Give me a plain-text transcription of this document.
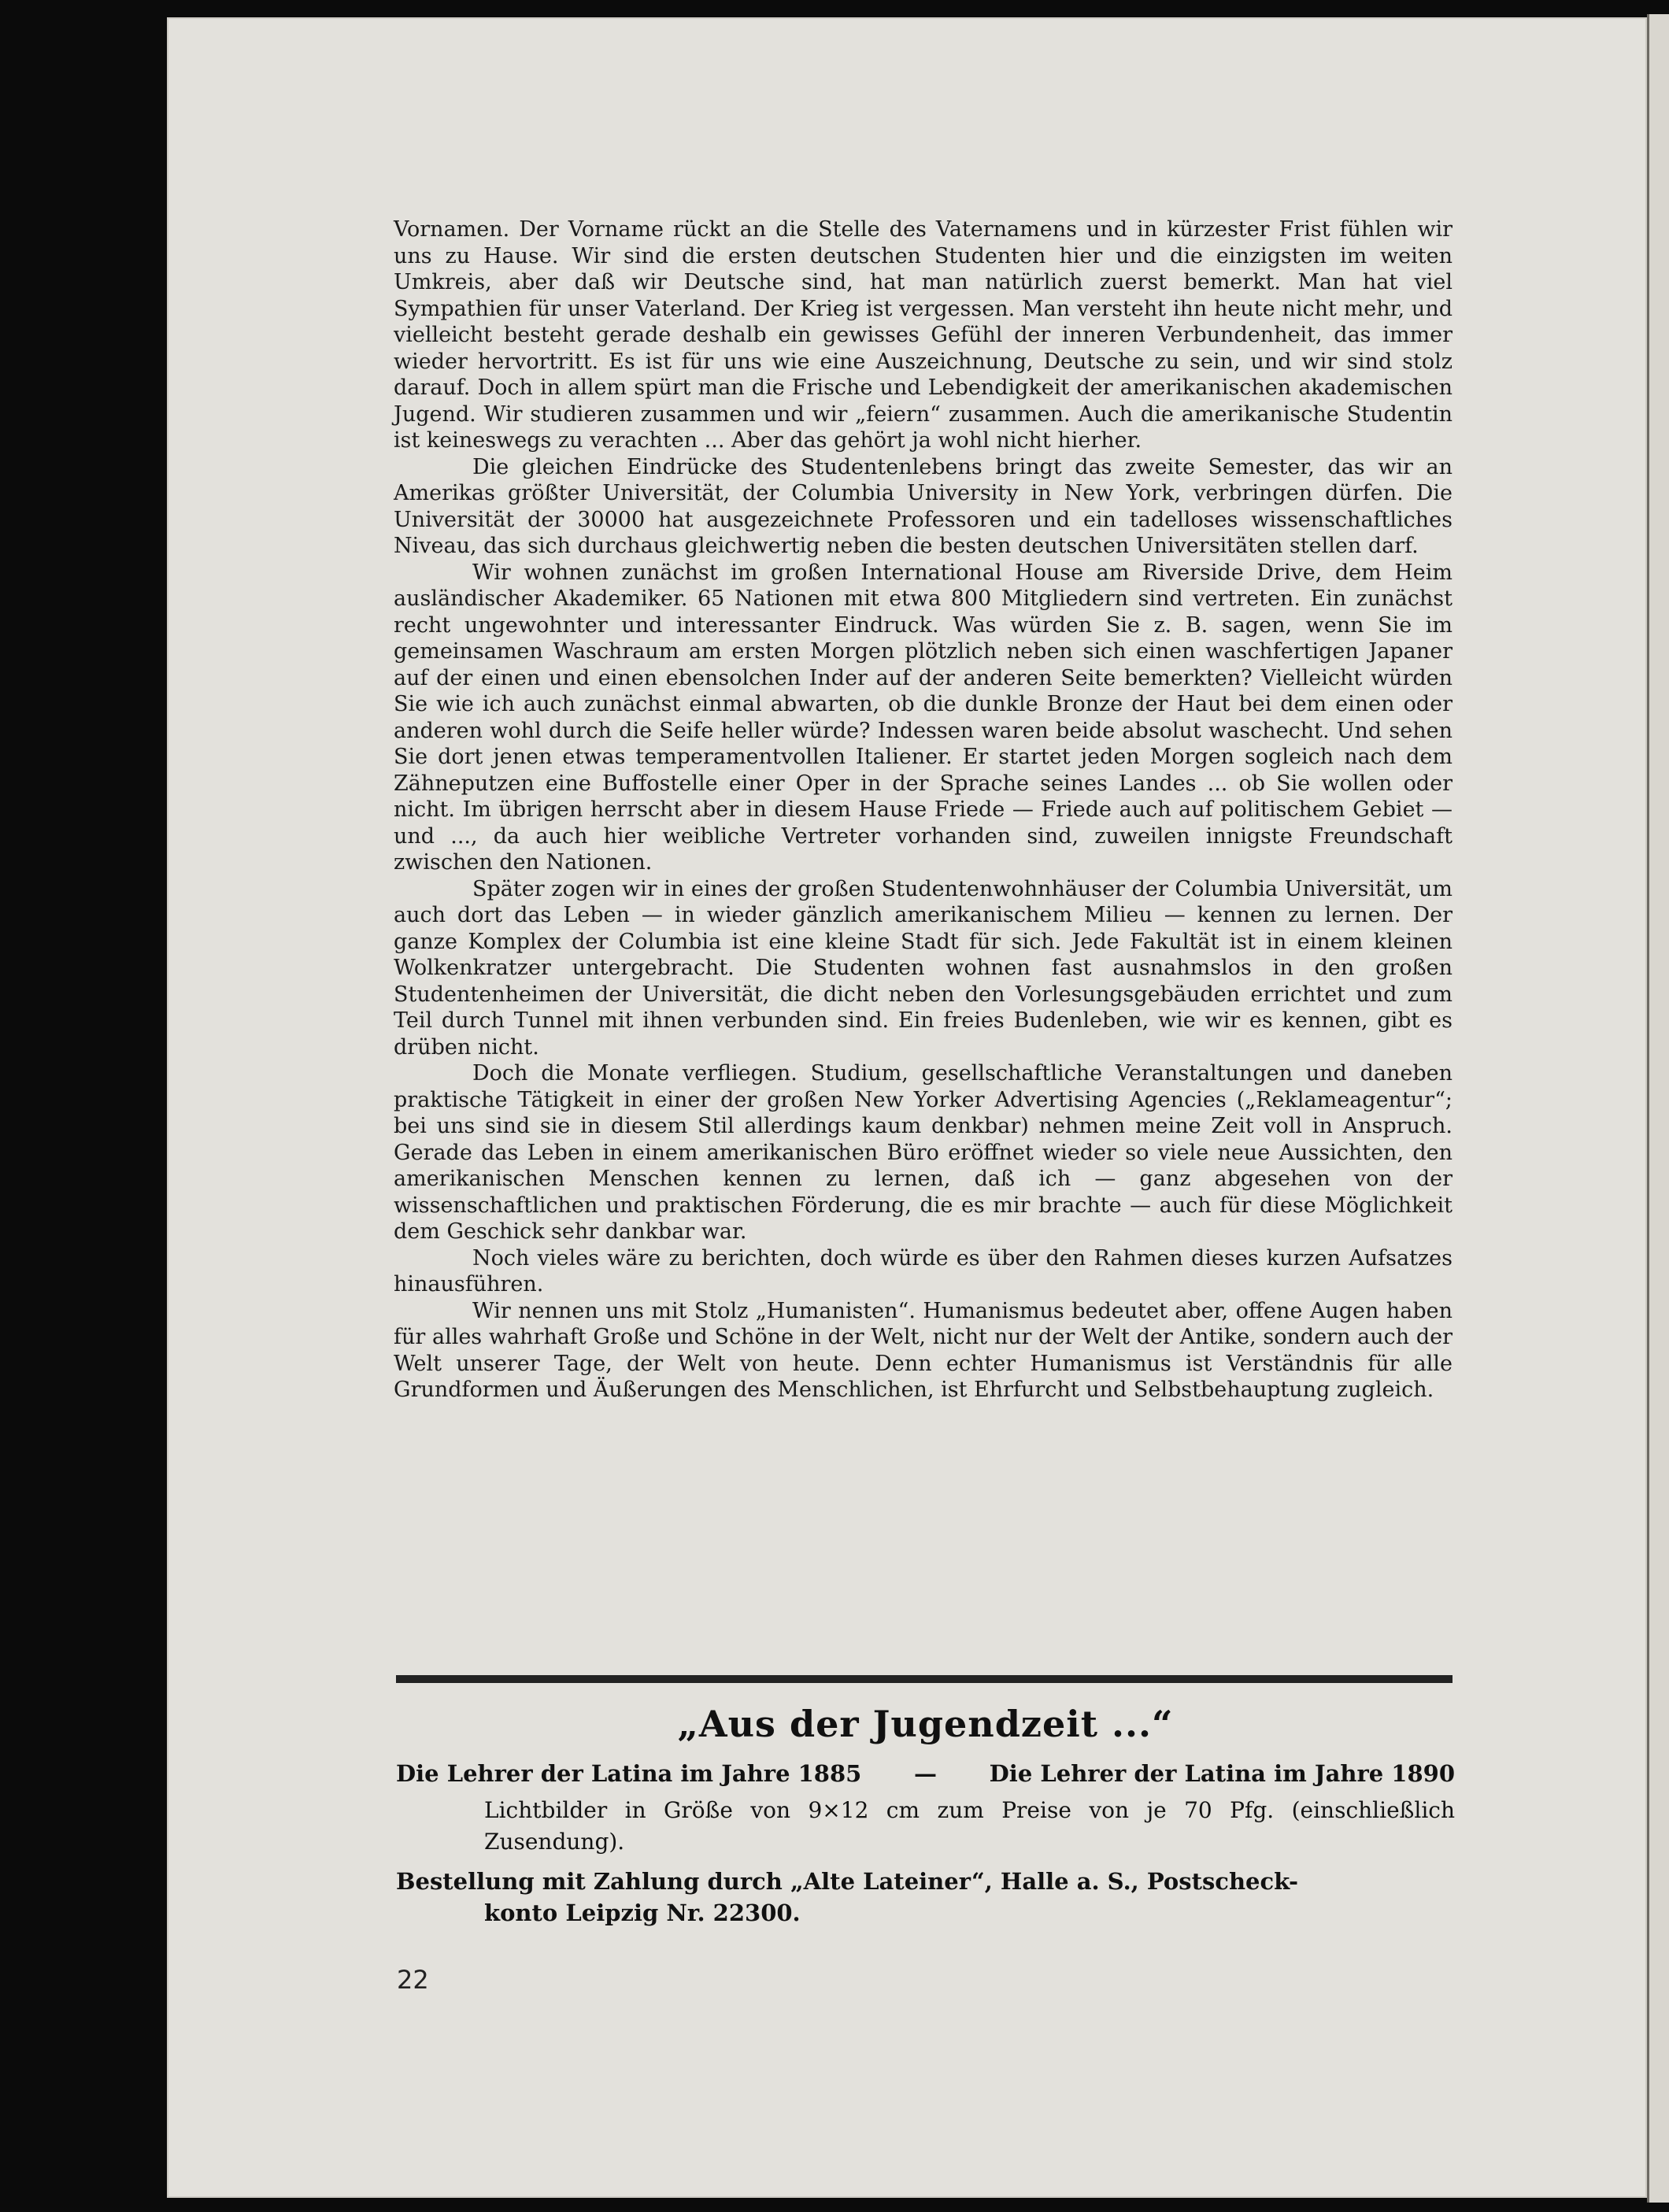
Vornamen. Der Vorname rückt an die Stelle des Vaternamens und in kürzester Frist fühlen wir uns zu Hause. Wir sind die ersten deutschen Studenten hier und die einzigsten im weiten Umkreis, aber daß wir Deutsche sind, hat man natürlich zuerst bemerkt. Man hat viel Sympathien für unser Vaterland. Der Krieg ist vergessen. Man versteht ihn heute nicht mehr, und vielleicht besteht gerade deshalb ein gewisses Gefühl der inneren Verbundenheit, das immer wieder hervortritt. Es ist für uns wie eine Auszeichnung, Deutsche zu sein, und wir sind stolz darauf. Doch in allem spürt man die Frische und Lebendigkeit der amerikanischen akademischen Jugend. Wir studieren zusammen und wir „feiern“ zusammen. Auch die amerikanische Studentin ist keineswegs zu verachten ... Aber das gehört ja wohl nicht hierher.

Die gleichen Eindrücke des Studentenlebens bringt das zweite Semester, das wir an Amerikas größter Universität, der Columbia University in New York, verbringen dürfen. Die Universität der 30000 hat ausgezeichnete Professoren und ein tadelloses wissenschaftliches Niveau, das sich durchaus gleichwertig neben die besten deutschen Universitäten stellen darf.

Wir wohnen zunächst im großen International House am Riverside Drive, dem Heim ausländischer Akademiker. 65 Nationen mit etwa 800 Mitgliedern sind vertreten. Ein zunächst recht ungewohnter und interessanter Eindruck. Was würden Sie z. B. sagen, wenn Sie im gemeinsamen Waschraum am ersten Morgen plötzlich neben sich einen waschfertigen Japaner auf der einen und einen ebensolchen Inder auf der anderen Seite bemerkten? Vielleicht würden Sie wie ich auch zunächst einmal abwarten, ob die dunkle Bronze der Haut bei dem einen oder anderen wohl durch die Seife heller würde? Indessen waren beide absolut waschecht. Und sehen Sie dort jenen etwas temperamentvollen Italiener. Er startet jeden Morgen sogleich nach dem Zähneputzen eine Buffostelle einer Oper in der Sprache seines Landes ... ob Sie wollen oder nicht. Im übrigen herrscht aber in diesem Hause Friede — Friede auch auf politischem Gebiet — und ..., da auch hier weibliche Vertreter vorhanden sind, zuweilen innigste Freundschaft zwischen den Nationen.

Später zogen wir in eines der großen Studentenwohnhäuser der Columbia Universität, um auch dort das Leben — in wieder gänzlich amerikanischem Milieu — kennen zu lernen. Der ganze Komplex der Columbia ist eine kleine Stadt für sich. Jede Fakultät ist in einem kleinen Wolkenkratzer untergebracht. Die Studenten wohnen fast ausnahmslos in den großen Studentenheimen der Universität, die dicht neben den Vorlesungsgebäuden errichtet und zum Teil durch Tunnel mit ihnen verbunden sind. Ein freies Budenleben, wie wir es kennen, gibt es drüben nicht.

Doch die Monate verfliegen. Studium, gesellschaftliche Veranstaltungen und daneben praktische Tätigkeit in einer der großen New Yorker Advertising Agencies („Reklameagentur“; bei uns sind sie in diesem Stil allerdings kaum denkbar) nehmen meine Zeit voll in Anspruch. Gerade das Leben in einem amerikanischen Büro eröffnet wieder so viele neue Aussichten, den amerikanischen Menschen kennen zu lernen, daß ich — ganz abgesehen von der wissenschaftlichen und praktischen Förderung, die es mir brachte — auch für diese Möglichkeit dem Geschick sehr dankbar war.

Noch vieles wäre zu berichten, doch würde es über den Rahmen dieses kurzen Aufsatzes hinausführen.

Wir nennen uns mit Stolz „Humanisten“. Humanismus bedeutet aber, offene Augen haben für alles wahrhaft Große und Schöne in der Welt, nicht nur der Welt der Antike, sondern auch der Welt unserer Tage, der Welt von heute. Denn echter Humanismus ist Verständnis für alle Grundformen und Äußerungen des Menschlichen, ist Ehrfurcht und Selbstbehauptung zugleich.

„Aus der Jugendzeit ...“
Die Lehrer der Latina im Jahre 1885	—	Die Lehrer der Latina im Jahre 1890
Lichtbilder in Größe von 9×12 cm zum Preise von je 70 Pfg. (einschließlich Zusendung).
Bestellung mit Zahlung durch „Alte Lateiner“, Halle a. S., Postscheck-
konto Leipzig Nr. 22300.
22
